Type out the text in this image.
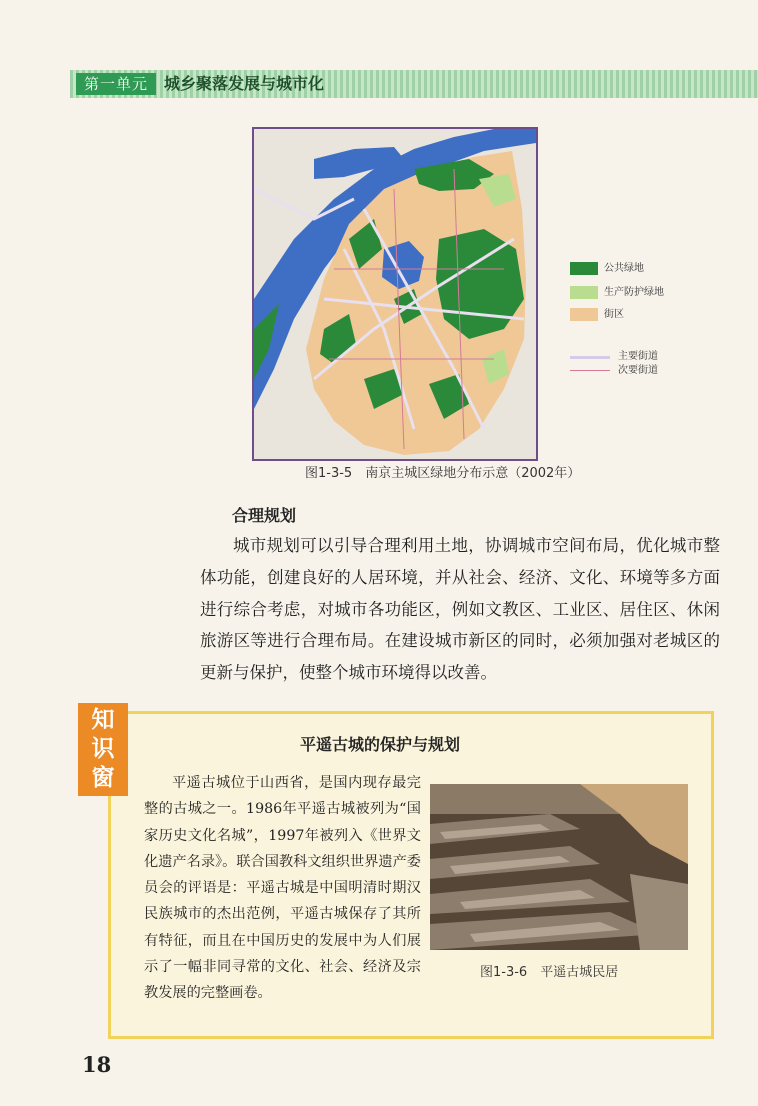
第一单元 城乡聚落发展与城市化
公共绿地
生产防护绿地
街区
主要街道
次要街道
图1-3-5　南京主城区绿地分布示意（2002年）
合理规划
城市规划可以引导合理利用土地，协调城市空间布局，优化城市整体功能，创建良好的人居环境，并从社会、经济、文化、环境等多方面进行综合考虑，对城市各功能区，例如文教区、工业区、居住区、休闲旅游区等进行合理布局。在建设城市新区的同时，必须加强对老城区的更新与保护，使整个城市环境得以改善。
知
识
窗
平遥古城的保护与规划
平遥古城位于山西省，是国内现存最完整的古城之一。1986年平遥古城被列为“国家历史文化名城”，1997年被列入《世界文化遗产名录》。联合国教科文组织世界遗产委员会的评语是：平遥古城是中国明清时期汉民族城市的杰出范例，平遥古城保存了其所有特征，而且在中国历史的发展中为人们展示了一幅非同寻常的文化、社会、经济及宗教发展的完整画卷。
图1-3-6　平遥古城民居
18
